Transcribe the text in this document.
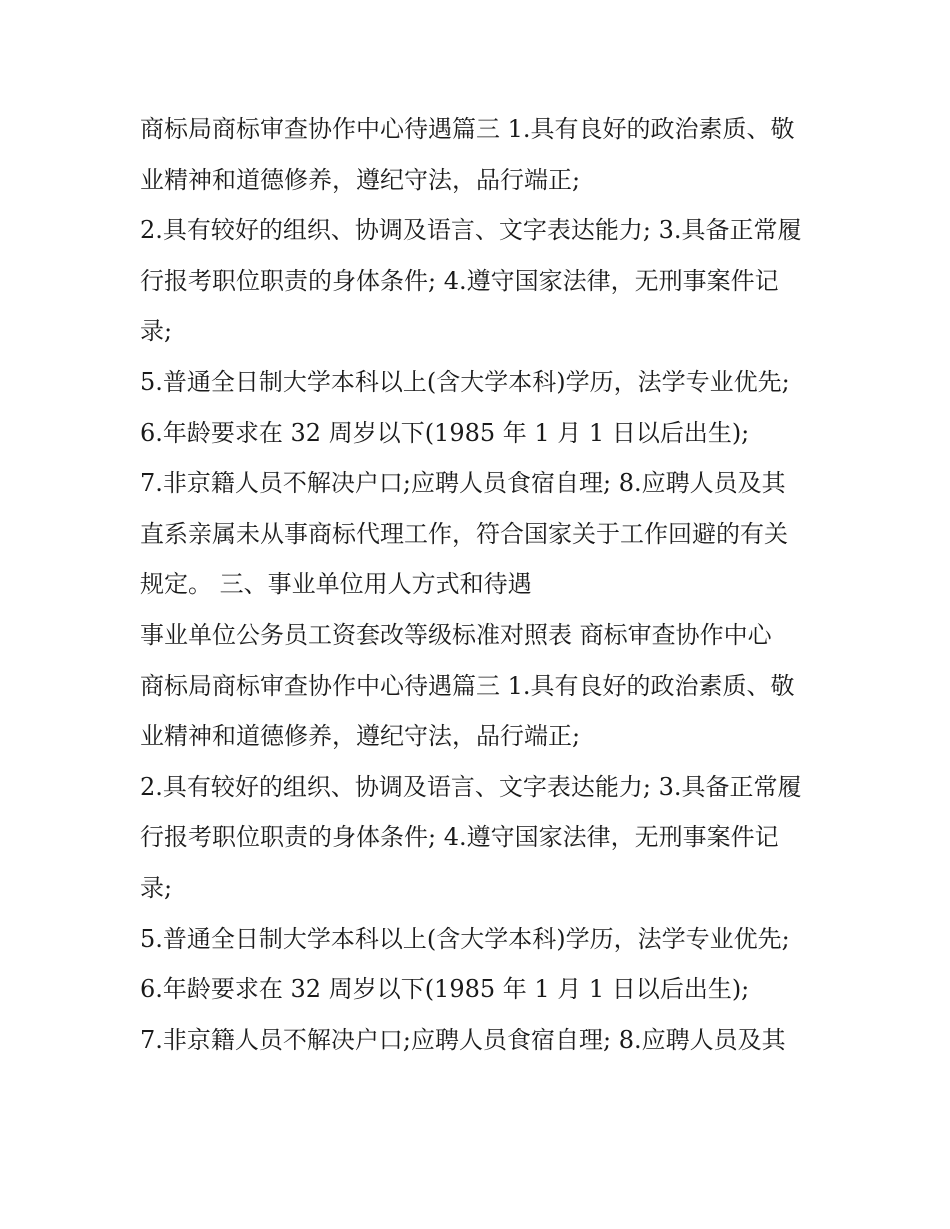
商标局商标审查协作中心待遇篇三 1.具有良好的政治素质、敬
业精神和道德修养，遵纪守法，品行端正;
2.具有较好的组织、协调及语言、文字表达能力; 3.具备正常履
行报考职位职责的身体条件; 4.遵守国家法律，无刑事案件记
录;
5.普通全日制大学本科以上(含大学本科)学历，法学专业优先;
6.年龄要求在 32 周岁以下(1985 年 1 月 1 日以后出生);
7.非京籍人员不解决户口;应聘人员食宿自理; 8.应聘人员及其
直系亲属未从事商标代理工作，符合国家关于工作回避的有关
规定。 三、事业单位用人方式和待遇
事业单位公务员工资套改等级标准对照表 商标审查协作中心
商标局商标审查协作中心待遇篇三 1.具有良好的政治素质、敬
业精神和道德修养，遵纪守法，品行端正;
2.具有较好的组织、协调及语言、文字表达能力; 3.具备正常履
行报考职位职责的身体条件; 4.遵守国家法律，无刑事案件记
录;
5.普通全日制大学本科以上(含大学本科)学历，法学专业优先;
6.年龄要求在 32 周岁以下(1985 年 1 月 1 日以后出生);
7.非京籍人员不解决户口;应聘人员食宿自理; 8.应聘人员及其
